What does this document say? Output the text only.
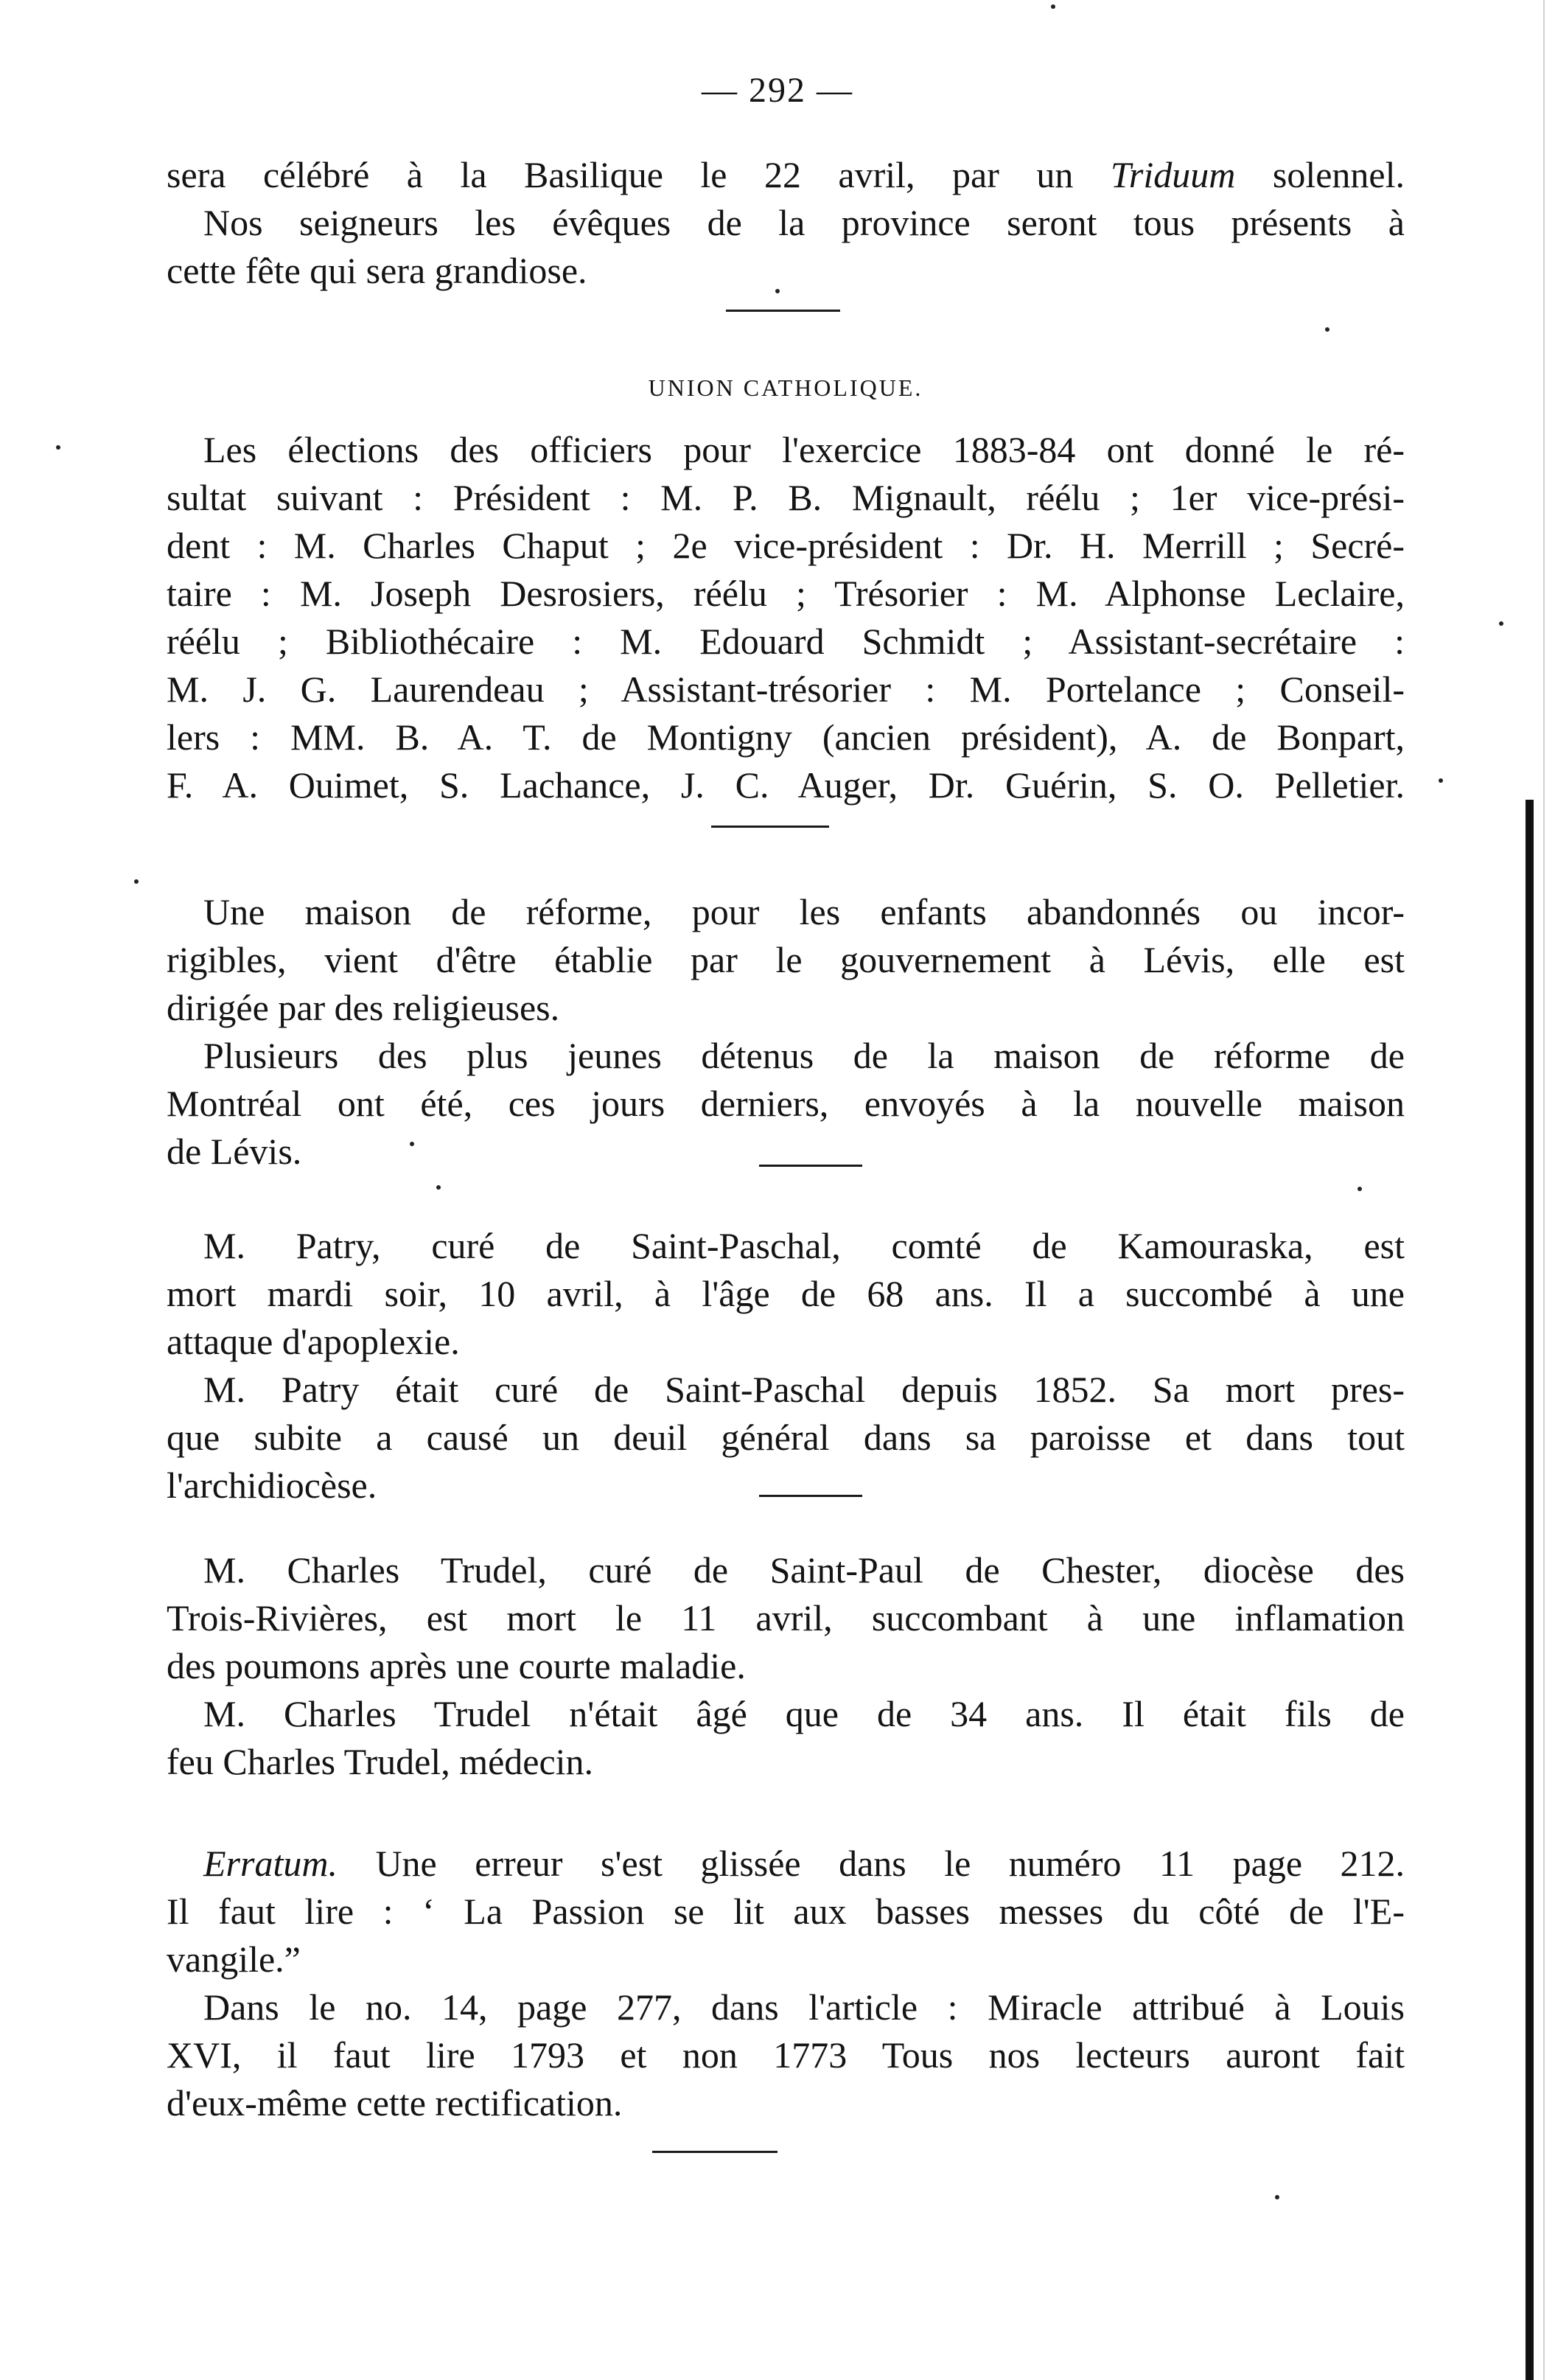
— 292 —

sera célébré à la Basilique le 22 avril, par un Triduum solennel.

Nos seigneurs les évêques de la province seront tous présents à

cette fête qui sera grandiose.

UNION CATHOLIQUE.

Les élections des officiers pour l'exercice 1883-84 ont donné le ré-

sultat suivant : Président : M. P. B. Mignault, réélu ; 1er vice-prési-

dent : M. Charles Chaput ; 2e vice-président : Dr. H. Merrill ; Secré-

taire : M. Joseph Desrosiers, réélu ; Trésorier : M. Alphonse Leclaire,

réélu ; Bibliothécaire : M. Edouard Schmidt ; Assistant-secrétaire :

M. J. G. Laurendeau ; Assistant-trésorier : M. Portelance ; Conseil-

lers : MM. B. A. T. de Montigny (ancien président), A. de Bonpart,

F. A. Ouimet, S. Lachance, J. C. Auger, Dr. Guérin, S. O. Pelletier.

Une maison de réforme, pour les enfants abandonnés ou incor-

rigibles, vient d'être établie par le gouvernement à Lévis, elle est

dirigée par des religieuses.

Plusieurs des plus jeunes détenus de la maison de réforme de

Montréal ont été, ces jours derniers, envoyés à la nouvelle maison

de Lévis.

M. Patry, curé de Saint-Paschal, comté de Kamouraska, est

mort mardi soir, 10 avril, à l'âge de 68 ans. Il a succombé à une

attaque d'apoplexie.

M. Patry était curé de Saint-Paschal depuis 1852. Sa mort pres-

que subite a causé un deuil général dans sa paroisse et dans tout

l'archidiocèse.

M. Charles Trudel, curé de Saint-Paul de Chester, diocèse des

Trois-Rivières, est mort le 11 avril, succombant à une inflamation

des poumons après une courte maladie.

M. Charles Trudel n'était âgé que de 34 ans. Il était fils de

feu Charles Trudel, médecin.

Erratum. Une erreur s'est glissée dans le numéro 11 page 212.

Il faut lire : ‘ La Passion se lit aux basses messes du côté de l'E-

vangile.”

Dans le no. 14, page 277, dans l'article : Miracle attribué à Louis

XVI, il faut lire 1793 et non 1773 Tous nos lecteurs auront fait

d'eux-même cette rectification.
